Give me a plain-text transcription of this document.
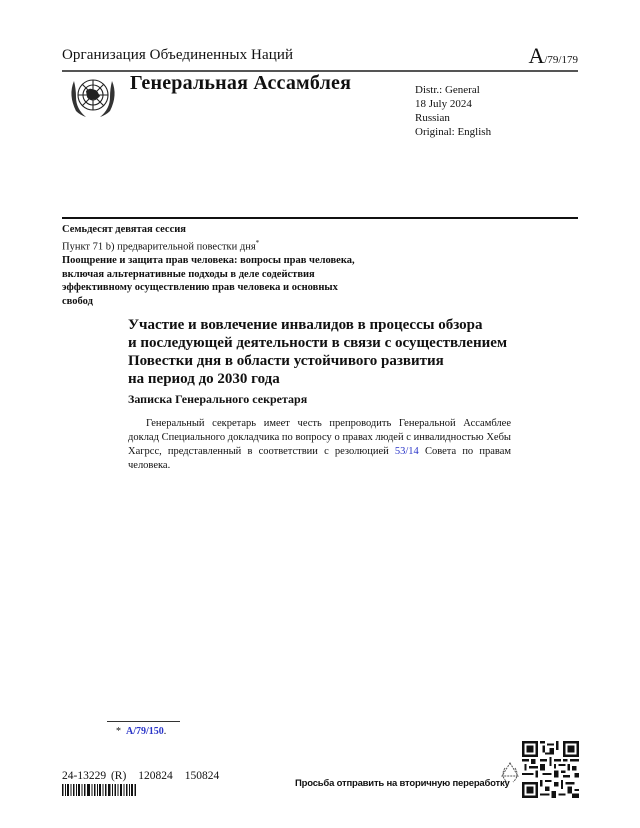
Организация Объединенных Наций	A/79/179
Генеральная Ассамблея	Distr.: General
18 July 2024
Russian
Original: English
Семьдесят девятая сессия
Пункт 71 b) предварительной повестки дня*
Поощрение и защита прав человека: вопросы прав человека, включая альтернативные подходы в деле содействия эффективному осуществлению прав человека и основных свобод
Участие и вовлечение инвалидов в процессы обзора
и последующей деятельности в связи с осуществлением
Повестки дня в области устойчивого развития
на период до 2030 года
Записка Генерального секретаря
Генеральный секретарь имеет честь препроводить Генеральной Ассамблее доклад Специального докладчика по вопросу о правах людей с инвалидностью Хебы Хагрсс, представленный в соответствии с резолюцией 53/14 Совета по правам человека.
* A/79/150.
24-13229 (R) 120824 150824
Просьба отправить на вторичную переработку
